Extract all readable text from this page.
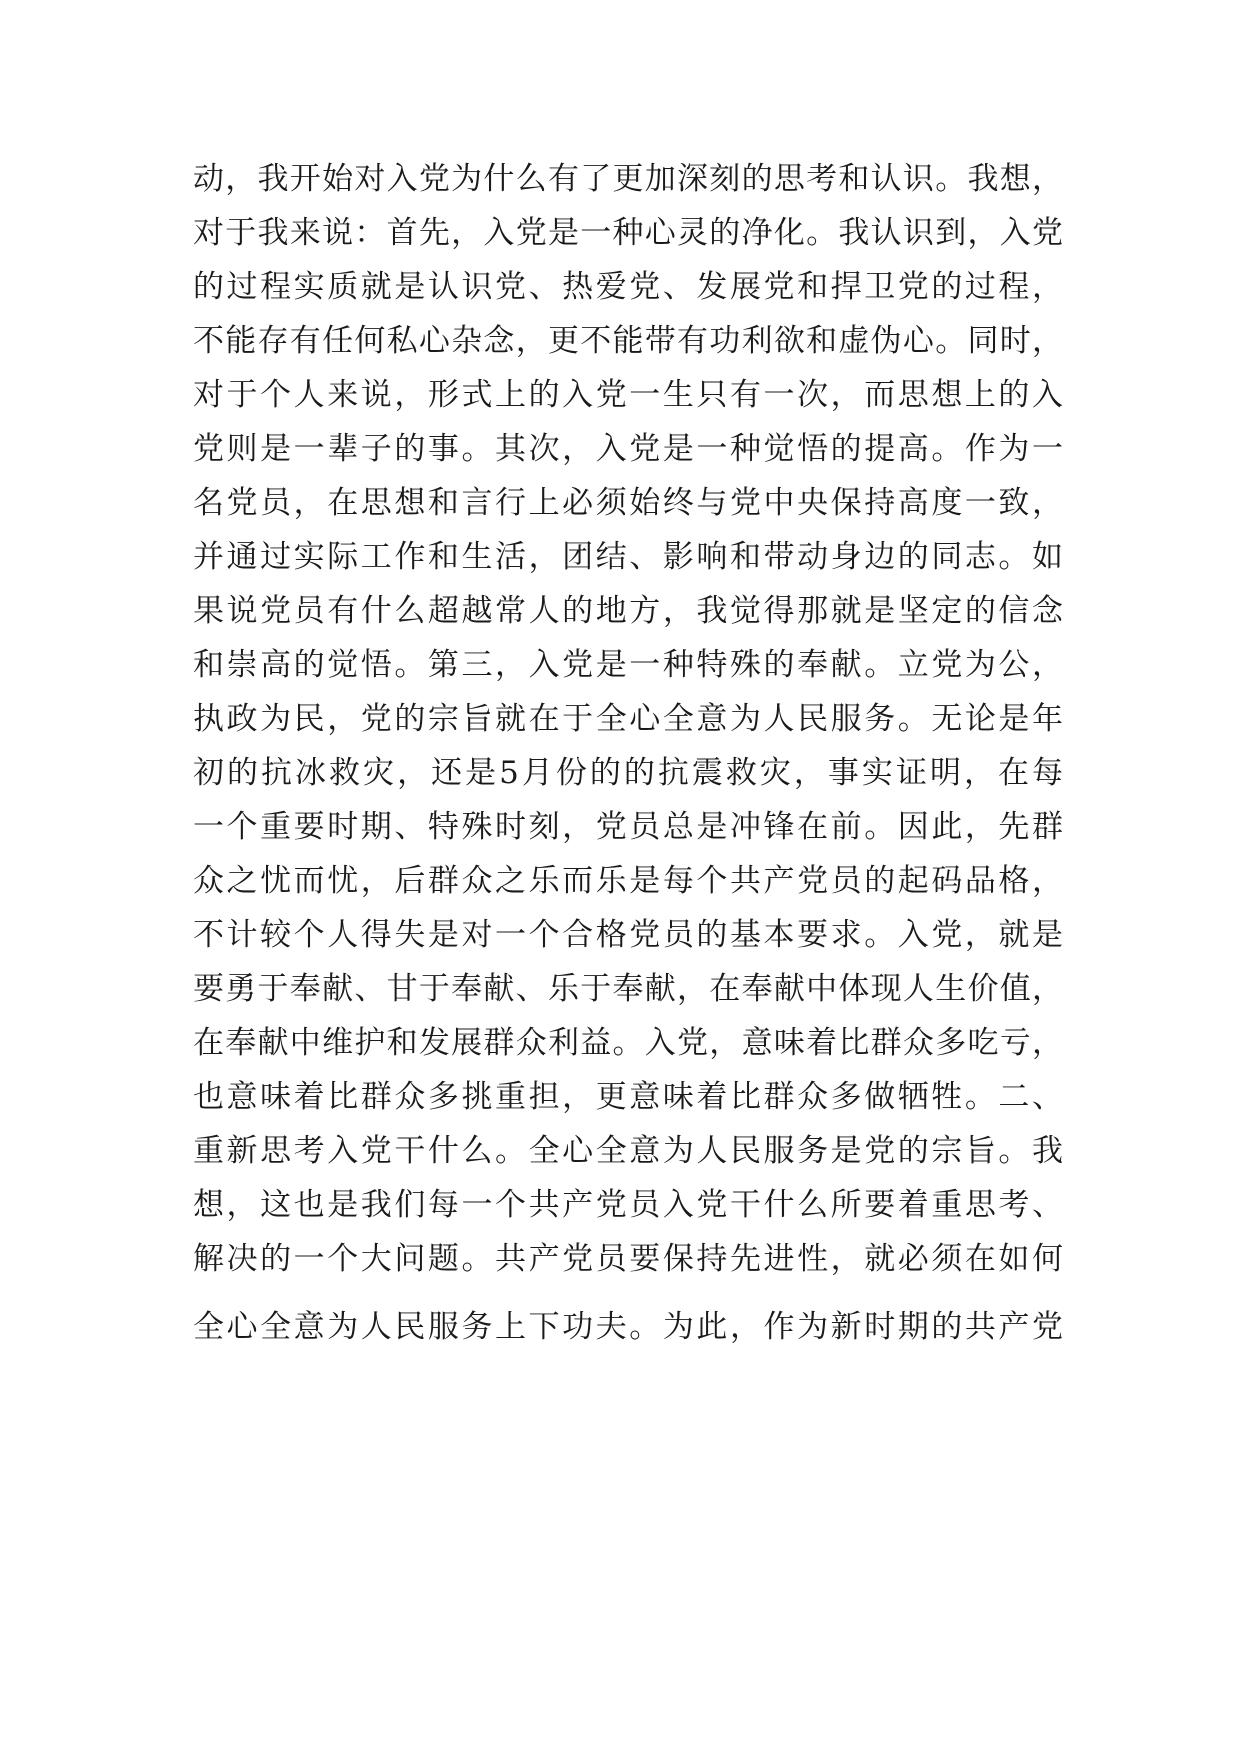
动，我开始对入党为什么有了更加深刻的思考和认识。我想，
对于我来说：首先，入党是一种心灵的净化。我认识到，入党
的过程实质就是认识党、热爱党、发展党和捍卫党的过程，
不能存有任何私心杂念，更不能带有功利欲和虚伪心。同时，
对于个人来说，形式上的入党一生只有一次，而思想上的入
党则是一辈子的事。其次，入党是一种觉悟的提高。作为一
名党员，在思想和言行上必须始终与党中央保持高度一致，
并通过实际工作和生活，团结、影响和带动身边的同志。如
果说党员有什么超越常人的地方，我觉得那就是坚定的信念
和崇高的觉悟。第三，入党是一种特殊的奉献。立党为公，
执政为民，党的宗旨就在于全心全意为人民服务。无论是年
初的抗冰救灾，还是5月份的的抗震救灾，事实证明，在每
一个重要时期、特殊时刻，党员总是冲锋在前。因此，先群
众之忧而忧，后群众之乐而乐是每个共产党员的起码品格，
不计较个人得失是对一个合格党员的基本要求。入党，就是
要勇于奉献、甘于奉献、乐于奉献，在奉献中体现人生价值，
在奉献中维护和发展群众利益。入党，意味着比群众多吃亏，
也意味着比群众多挑重担，更意味着比群众多做牺牲。二、
重新思考入党干什么。全心全意为人民服务是党的宗旨。我
想，这也是我们每一个共产党员入党干什么所要着重思考、
解决的一个大问题。共产党员要保持先进性，就必须在如何
全心全意为人民服务上下功夫。为此，作为新时期的共产党
